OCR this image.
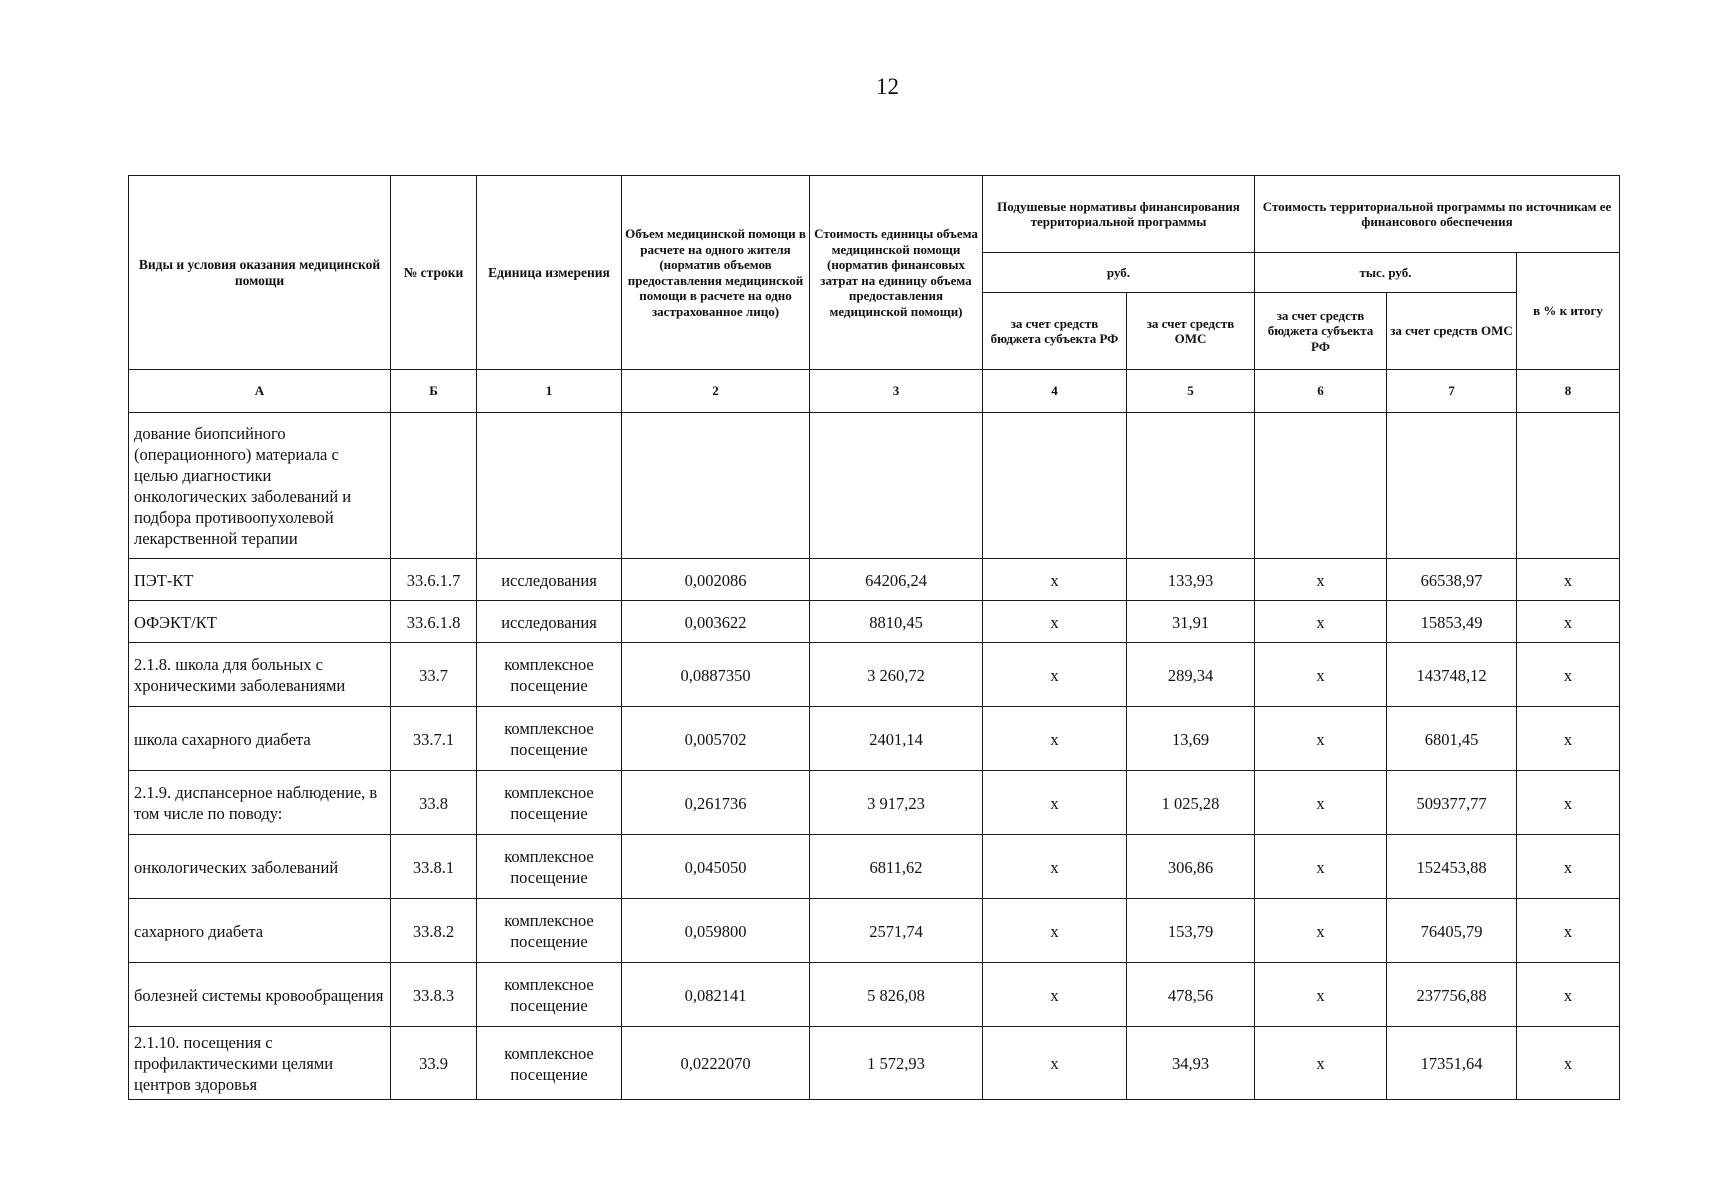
12
Виды и условия оказания медицинской помощи	№ строки	Единица измерения	Объем медицинской помощи в расчете на одного жителя (норматив объемов предоставления медицинской помощи в расчете на одно застрахованное лицо)	Стоимость единицы объема медицинской помощи (норматив финансовых затрат на единицу объема предоставления медицинской помощи)	Подушевые нормативы финансирования территориальной программы		Стоимость территориальной программы по источникам ее финансового обеспечения		
					руб.		тыс. руб.		в % к итогу
					за счет средств бюджета субъекта РФ	за счет средств ОМС	за счет средств бюджета субъекта РФ	за счет средств ОМС	
А	Б	1	2	3	4	5	6	7	8
дование биопсийного (операционного) материала с целью диагностики онкологических заболеваний и подбора противоопухолевой лекарственной терапии									
ПЭТ-КТ	33.6.1.7	исследования	0,002086	64206,24	х	133,93	х	66538,97	х
ОФЭКТ/КТ	33.6.1.8	исследования	0,003622	8810,45	х	31,91	х	15853,49	х
2.1.8. школа для больных с хроническими заболеваниями	33.7	комплексное посещение	0,0887350	3 260,72	х	289,34	х	143748,12	х
школа сахарного диабета	33.7.1	комплексное посещение	0,005702	2401,14	х	13,69	х	6801,45	х
2.1.9. диспансерное наблюдение, в том числе по поводу:	33.8	комплексное посещение	0,261736	3 917,23	х	1 025,28	х	509377,77	х
онкологических заболеваний	33.8.1	комплексное посещение	0,045050	6811,62	х	306,86	х	152453,88	х
сахарного диабета	33.8.2	комплексное посещение	0,059800	2571,74	х	153,79	х	76405,79	х
болезней системы кровообращения	33.8.3	комплексное посещение	0,082141	5 826,08	х	478,56	х	237756,88	х
2.1.10. посещения с профилактическими целями центров здоровья	33.9	комплексное посещение	0,0222070	1 572,93	х	34,93	х	17351,64	х
